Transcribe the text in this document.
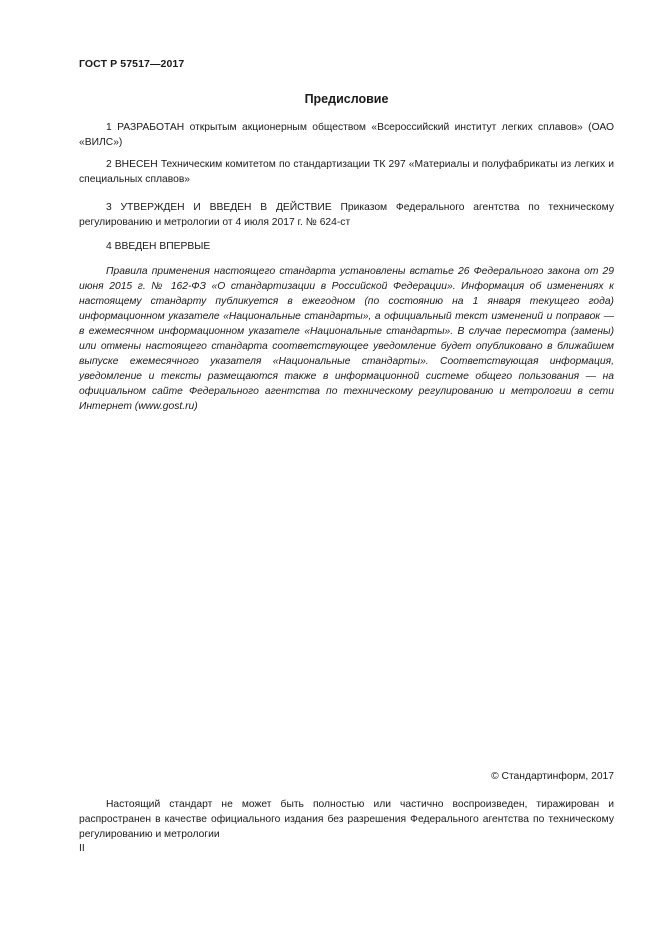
ГОСТ Р 57517—2017
Предисловие
1 РАЗРАБОТАН открытым акционерным обществом «Всероссийский институт легких сплавов» (ОАО «ВИЛС»)
2 ВНЕСЕН Техническим комитетом по стандартизации ТК 297 «Материалы и полуфабрикаты из легких и специальных сплавов»
3 УТВЕРЖДЕН И ВВЕДЕН В ДЕЙСТВИЕ Приказом Федерального агентства по техническому регулированию и метрологии от 4 июля 2017 г. № 624-ст
4 ВВЕДЕН ВПЕРВЫЕ
Правила применения настоящего стандарта установлены встатье 26 Федерального закона от 29 июня 2015 г. № 162-ФЗ «О стандартизации в Российской Федерации». Информация об изменениях к настоящему стандарту публикуется в ежегодном (по состоянию на 1 января текущего года) информационном указателе «Национальные стандарты», а официальный текст изменений и поправок — в ежемесячном информационном указателе «Национальные стандарты». В случае пересмотра (замены) или отмены настоящего стандарта соответствующее уведомление будет опубликовано в ближайшем выпуске ежемесячного указателя «Национальные стандарты». Соответствующая информация, уведомление и тексты размещаются также в информационной системе общего пользования — на официальном сайте Федерального агентства по техническому регулированию и метрологии в сети Интернет (www.gost.ru)
© Стандартинформ, 2017
Настоящий стандарт не может быть полностью или частично воспроизведен, тиражирован и распространен в качестве официального издания без разрешения Федерального агентства по техническому регулированию и метрологии
II
